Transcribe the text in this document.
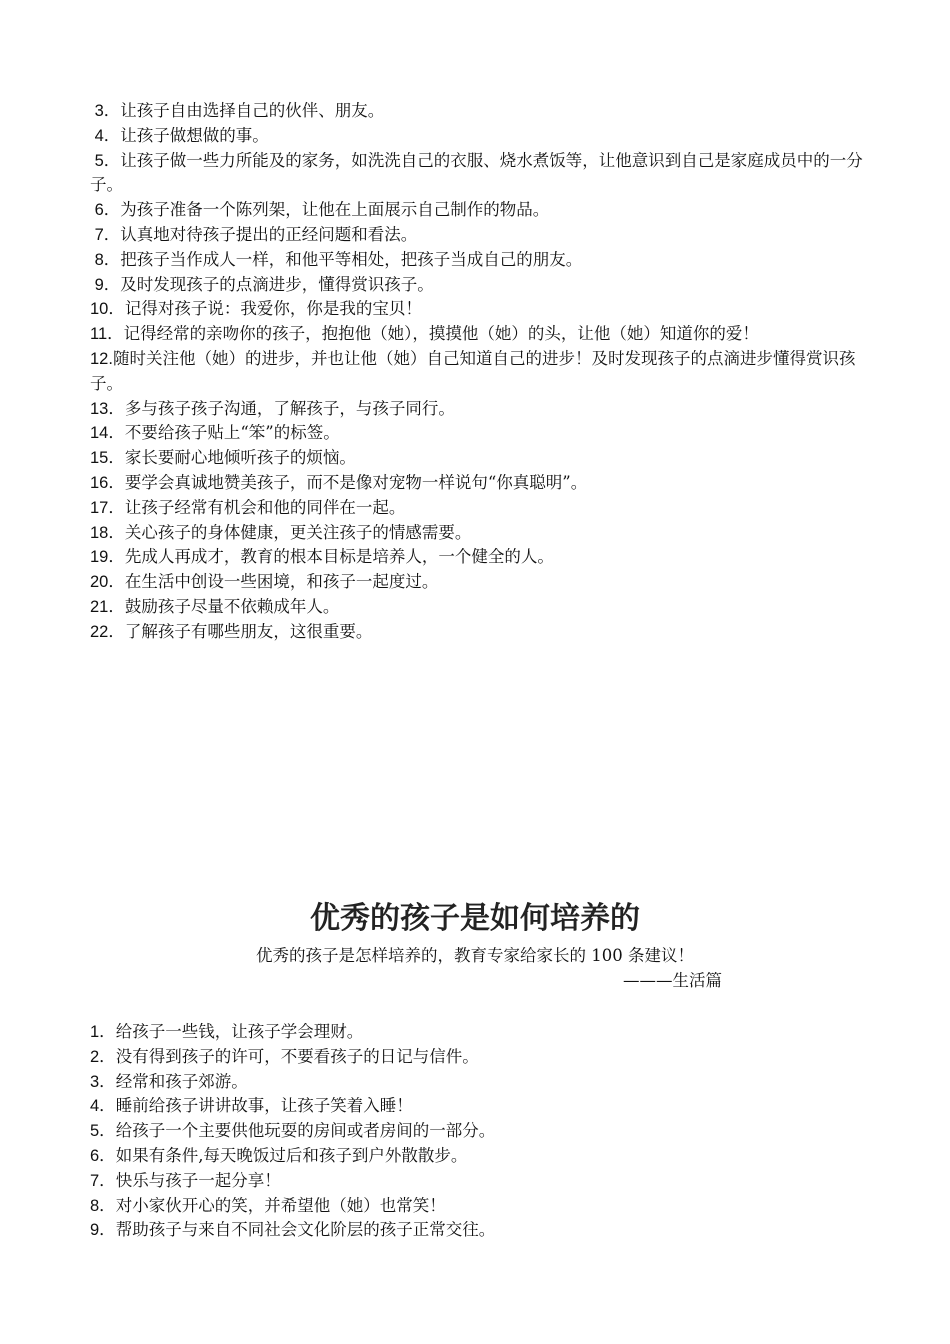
3．让孩子自由选择自己的伙伴、朋友。
4．让孩子做想做的事。
5．让孩子做一些力所能及的家务，如洗洗自己的衣服、烧水煮饭等，让他意识到自己是家庭成员中的一分子。
6．为孩子准备一个陈列架，让他在上面展示自己制作的物品。
7．认真地对待孩子提出的正经问题和看法。
8．把孩子当作成人一样，和他平等相处，把孩子当成自己的朋友。
9．及时发现孩子的点滴进步，懂得赏识孩子。
10．记得对孩子说：我爱你，你是我的宝贝！
11．记得经常的亲吻你的孩子，抱抱他（她），摸摸他（她）的头，让他（她）知道你的爱！
12.随时关注他（她）的进步，并也让他（她）自己知道自己的进步！及时发现孩子的点滴进步懂得赏识孩子。
13．多与孩子孩子沟通，了解孩子，与孩子同行。
14．不要给孩子贴上“笨”的标签。
15．家长要耐心地倾听孩子的烦恼。
16．要学会真诚地赞美孩子，而不是像对宠物一样说句“你真聪明”。
17．让孩子经常有机会和他的同伴在一起。
18．关心孩子的身体健康，更关注孩子的情感需要。
19．先成人再成才，教育的根本目标是培养人，一个健全的人。
20．在生活中创设一些困境，和孩子一起度过。
21．鼓励孩子尽量不依赖成年人。
22．了解孩子有哪些朋友，这很重要。
优秀的孩子是如何培养的

优秀的孩子是怎样培养的，教育专家给家长的 100 条建议！

———生活篇

1．给孩子一些钱，让孩子学会理财。
2．没有得到孩子的许可，不要看孩子的日记与信件。
3．经常和孩子郊游。
4．睡前给孩子讲讲故事，让孩子笑着入睡！
5．给孩子一个主要供他玩耍的房间或者房间的一部分。
6．如果有条件,每天晚饭过后和孩子到户外散散步。
7．快乐与孩子一起分享！
8．对小家伙开心的笑，并希望他（她）也常笑！
9．帮助孩子与来自不同社会文化阶层的孩子正常交往。
